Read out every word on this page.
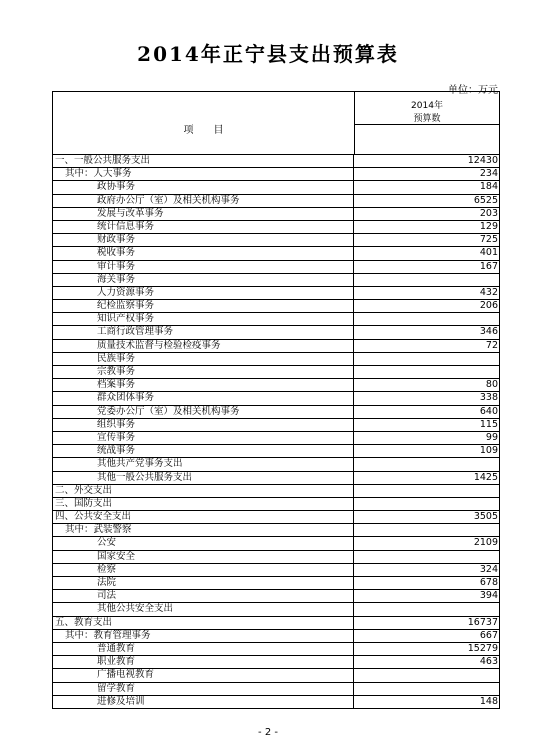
2014年正宁县支出预算表
单位：万元
项　　目
2014年
预算数
一、一般公共服务支出	12430
其中：人大事务	234
政协事务	184
政府办公厅（室）及相关机构事务	6525
发展与改革事务	203
统计信息事务	129
财政事务	725
税收事务	401
审计事务	167
海关事务
人力资源事务	432
纪检监察事务	206
知识产权事务
工商行政管理事务	346
质量技术监督与检验检疫事务	72
民族事务
宗教事务
档案事务	80
群众团体事务	338
党委办公厅（室）及相关机构事务	640
组织事务	115
宣传事务	99
统战事务	109
其他共产党事务支出
其他一般公共服务支出	1425
二、外交支出
三、国防支出
四、公共安全支出	3505
其中：武装警察
公安	2109
国家安全
检察	324
法院	678
司法	394
其他公共安全支出
五、教育支出	16737
其中：教育管理事务	667
普通教育	15279
职业教育	463
广播电视教育
留学教育
进修及培训	148
- 2 -
